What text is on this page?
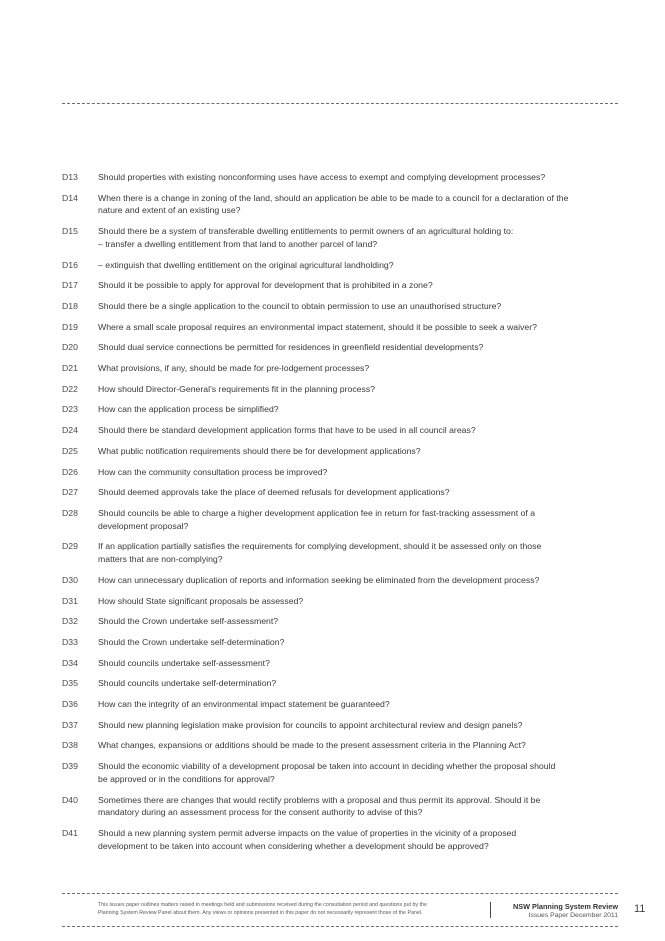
D13	Should properties with existing nonconforming uses have access to exempt and complying development processes?
D14	When there is a change in zoning of the land, should an application be able to be made to a council for a declaration of the
nature and extent of an existing use?
D15	Should there be a system of transferable dwelling entitlements to permit owners of an agricultural holding to:
– transfer a dwelling entitlement from that land to another parcel of land?
D16	– extinguish that dwelling entitlement on the original agricultural landholding?
D17	Should it be possible to apply for approval for development that is prohibited in a zone?
D18	Should there be a single application to the council to obtain permission to use an unauthorised structure?
D19	Where a small scale proposal requires an environmental impact statement, should it be possible to seek a waiver?
D20	Should dual service connections be permitted for residences in greenfield residential developments?
D21	What provisions, if any, should be made for pre-lodgement processes?
D22	How should Director-General’s requirements fit in the planning process?
D23	How can the application process be simplified?
D24	Should there be standard development application forms that have to be used in all council areas?
D25	What public notification requirements should there be for development applications?
D26	How can the community consultation process be improved?
D27	Should deemed approvals take the place of deemed refusals for development applications?
D28	Should councils be able to charge a higher development application fee in return for fast-tracking assessment of a
development proposal?
D29	If an application partially satisfies the requirements for complying development, should it be assessed only on those
matters that are non-complying?
D30	How can unnecessary duplication of reports and information seeking be eliminated from the development process?
D31	How should State significant proposals be assessed?
D32	Should the Crown undertake self-assessment?
D33	Should the Crown undertake self-determination?
D34	Should councils undertake self-assessment?
D35	Should councils undertake self-determination?
D36	How can the integrity of an environmental impact statement be guaranteed?
D37	Should new planning legislation make provision for councils to appoint architectural review and design panels?
D38	What changes, expansions or additions should be made to the present assessment criteria in the Planning Act?
D39	Should the economic viability of a development proposal be taken into account in deciding whether the proposal should
be approved or in the conditions for approval?
D40	Sometimes there are changes that would rectify problems with a proposal and thus permit its approval. Should it be
mandatory during an assessment process for the consent authority to advise of this?
D41	Should a new planning system permit adverse impacts on the value of properties in the vicinity of a proposed
development to be taken into account when considering whether a development should be approved?
This issues paper outlines matters raised in meetings held and submissions received during the consultation period and questions put by the
Planning System Review Panel about them. Any views or opinions presented in this paper do not necessarily represent those of the Panel.
NSW Planning System Review
Issues Paper December 2011
11
